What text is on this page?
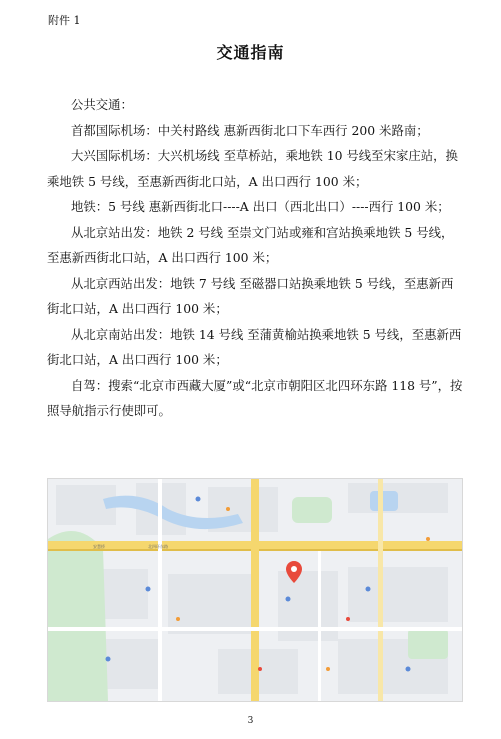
附件 1
交通指南

公共交通：

首都国际机场：中关村路线 惠新西街北口下车西行 200 米路南；

大兴国际机场：大兴机场线 至草桥站，乘地铁 10 号线至宋家庄站，换乘地铁 5 号线，至惠新西街北口站，A 出口西行 100 米；

地铁：5 号线 惠新西街北口----A 出口（西北出口）----西行 100 米；

从北京站出发：地铁 2 号线 至崇文门站或雍和宫站换乘地铁 5 号线，至惠新西街北口站，A 出口西行 100 米；

从北京西站出发：地铁 7 号线 至磁器口站换乘地铁 5 号线，至惠新西街北口站，A 出口西行 100 米；

从北京南站出发：地铁 14 号线 至蒲黄榆站换乘地铁 5 号线，至惠新西街北口站，A 出口西行 100 米；

自驾：搜索“北京市西藏大厦”或“北京市朝阳区北四环东路 118 号”，按照导航指示行使即可。

安慧桥	北四环东路
3
